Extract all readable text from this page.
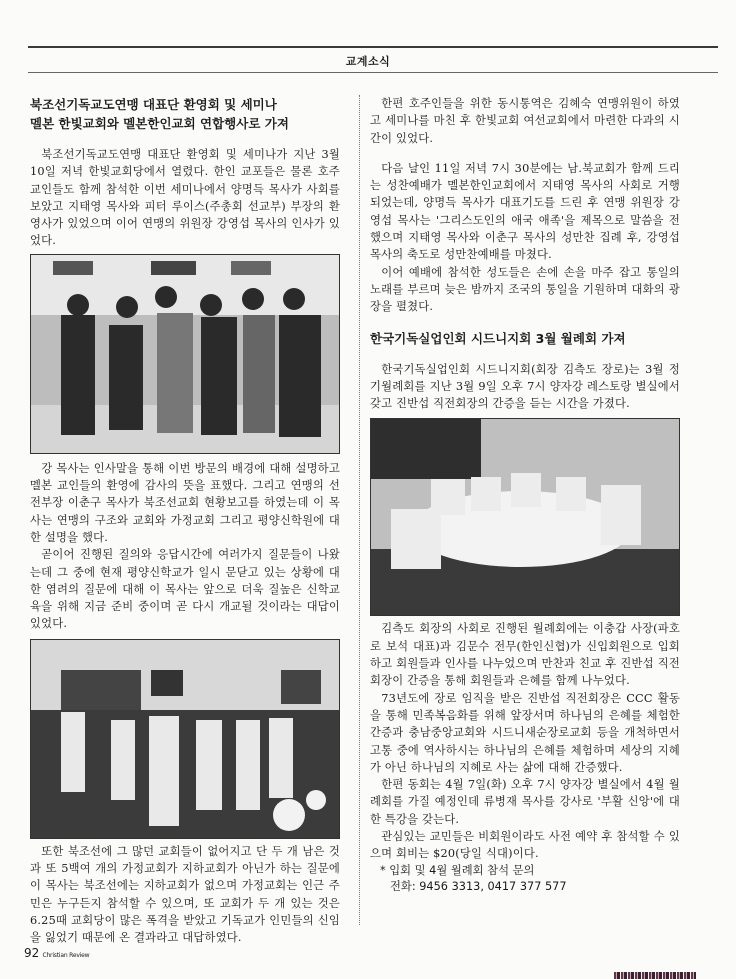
교계소식
북조선기독교도연맹 대표단 환영회 및 세미나
멜본 한빛교회와 멜본한인교회 연합행사로 가져

북조선기독교도연맹 대표단 환영회 및 세미나가 지난 3월 10일 저녁 한빛교회당에서 열렸다. 한인 교포들은 물론 호주 교인들도 함께 참석한 이번 세미나에서 양명득 목사가 사회를 보았고 지태영 목사와 피터 루이스(주총회 선교부) 부장의 환영사가 있었으며 이어 연맹의 위원장 강영섭 목사의 인사가 있었다.

강 목사는 인사말을 통해 이번 방문의 배경에 대해 설명하고 멜본 교인들의 환영에 감사의 뜻을 표했다. 그리고 연맹의 선전부장 이춘구 목사가 북조선교회 현황보고를 하였는데 이 목사는 연맹의 구조와 교회와 가정교회 그리고 평양신학원에 대한 설명을 했다.

곧이어 진행된 질의와 응답시간에 여러가지 질문들이 나왔는데 그 중에 현재 평양신학교가 일시 문닫고 있는 상황에 대한 염려의 질문에 대해 이 목사는 앞으로 더욱 질높은 신학교육을 위해 지금 준비 중이며 곧 다시 개교될 것이라는 대답이 있었다.

또한 북조선에 그 많던 교회들이 없어지고 단 두 개 남은 것과 또 5백여 개의 가정교회가 지하교회가 아닌가 하는 질문에 이 목사는 북조선에는 지하교회가 없으며 가정교회는 인근 주민은 누구든지 참석할 수 있으며, 또 교회가 두 개 있는 것은 6.25때 교회당이 많은 폭격을 받았고 기독교가 인민들의 신임을 잃었기 때문에 온 결과라고 대답하였다.

한편 호주인들을 위한 동시통역은 김혜숙 연맹위원이 하였고 세미나를 마친 후 한빛교회 여선교회에서 마련한 다과의 시간이 있었다.

다음 날인 11일 저녁 7시 30분에는 남.북교회가 함께 드리는 성찬예배가 멜본한인교회에서 지태영 목사의 사회로 거행되었는데, 양명득 목사가 대표기도를 드린 후 연맹 위원장 강영섭 목사는 '그리스도인의 애국 애족'을 제목으로 말씀을 전했으며 지태영 목사와 이춘구 목사의 성만찬 집례 후, 강영섭 목사의 축도로 성만찬예배를 마쳤다.

이어 예배에 참석한 성도들은 손에 손을 마주 잡고 통일의 노래를 부르며 늦은 밤까지 조국의 통일을 기원하며 대화의 광장을 펼쳤다.

한국기독실업인회 시드니지회 3월 월례회 가져

한국기독실업인회 시드니지회(회장 김측도 장로)는 3월 정기월례회를 지난 3월 9일 오후 7시 양자강 레스토랑 별실에서 갖고 진반섭 직전회장의 간증을 듣는 시간을 가졌다.

김측도 회장의 사회로 진행된 월례회에는 이충갑 사장(파호로 보석 대표)과 김문수 전무(한인신협)가 신입회원으로 입회하고 회원들과 인사를 나누었으며 만찬과 친교 후 진반섭 직전회장이 간증을 통해 회원들과 은혜를 함께 나누었다.

73년도에 장로 임직을 받은 진반섭 직전회장은 CCC 활동을 통해 민족복음화를 위해 앞장서며 하나님의 은혜를 체험한 간증과 충남중앙교회와 시드니새순장로교회 등을 개척하면서 고통 중에 역사하시는 하나님의 은혜를 체험하며 세상의 지혜가 아닌 하나님의 지혜로 사는 삶에 대해 간증했다.

한편 동회는 4월 7일(화) 오후 7시 양자강 별실에서 4월 월례회를 가질 예정인데 류병재 목사를 강사로 '부활 신앙'에 대한 특강을 갖는다.

관심있는 교민들은 비회원이라도 사전 예약 후 참석할 수 있으며 회비는 $20(당일 식대)이다.

* 입회 및 4월 월례회 참석 문의
전화: 9456 3313, 0417 377 577
92 Christian Review
